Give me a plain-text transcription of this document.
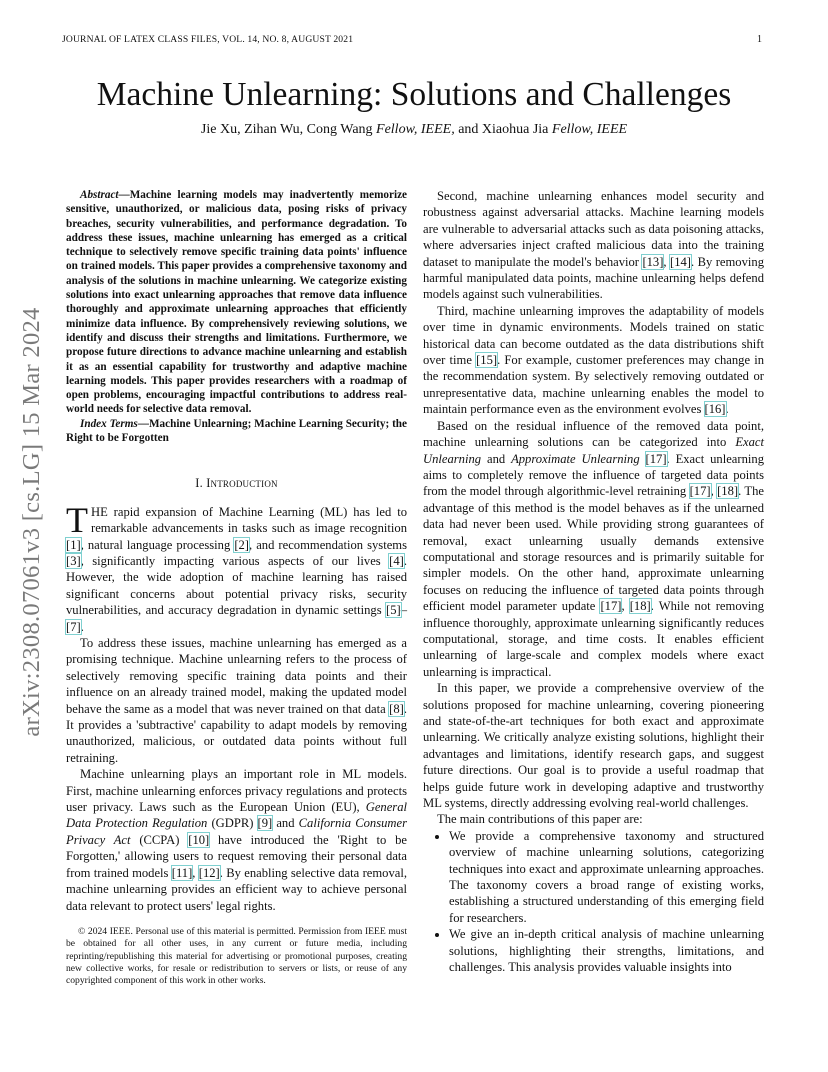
JOURNAL OF LATEX CLASS FILES, VOL. 14, NO. 8, AUGUST 2021	1
arXiv:2308.07061v3 [cs.LG] 15 Mar 2024
Machine Unlearning: Solutions and Challenges
Jie Xu, Zihan Wu, Cong Wang Fellow, IEEE, and Xiaohua Jia Fellow, IEEE

Abstract—Machine learning models may inadvertently memorize sensitive, unauthorized, or malicious data, posing risks of privacy breaches, security vulnerabilities, and performance degradation. To address these issues, machine unlearning has emerged as a critical technique to selectively remove specific training data points' influence on trained models. This paper provides a comprehensive taxonomy and analysis of the solutions in machine unlearning. We categorize existing solutions into exact unlearning approaches that remove data influence thoroughly and approximate unlearning approaches that efficiently minimize data influence. By comprehensively reviewing solutions, we identify and discuss their strengths and limitations. Furthermore, we propose future directions to advance machine unlearning and establish it as an essential capability for trustworthy and adaptive machine learning models. This paper provides researchers with a roadmap of open problems, encouraging impactful contributions to address real-world needs for selective data removal.

Index Terms—Machine Unlearning; Machine Learning Security; the Right to be Forgotten

I. Introduction

THE rapid expansion of Machine Learning (ML) has led to remarkable advancements in tasks such as image recognition [1], natural language processing [2], and recommendation systems [3], significantly impacting various aspects of our lives [4]. However, the wide adoption of machine learning has raised significant concerns about potential privacy risks, security vulnerabilities, and accuracy degradation in dynamic settings [5]–[7].

To address these issues, machine unlearning has emerged as a promising technique. Machine unlearning refers to the process of selectively removing specific training data points and their influence on an already trained model, making the updated model behave the same as a model that was never trained on that data [8]. It provides a 'subtractive' capability to adapt models by removing unauthorized, malicious, or outdated data points without full retraining.

Machine unlearning plays an important role in ML models. First, machine unlearning enforces privacy regulations and protects user privacy. Laws such as the European Union (EU), General Data Protection Regulation (GDPR) [9] and California Consumer Privacy Act (CCPA) [10] have introduced the 'Right to be Forgotten,' allowing users to request removing their personal data from trained models [11], [12]. By enabling selective data removal, machine unlearning provides an efficient way to achieve personal data relevant to protect users' legal rights.

© 2024 IEEE. Personal use of this material is permitted. Permission from IEEE must be obtained for all other uses, in any current or future media, including reprinting/republishing this material for advertising or promotional purposes, creating new collective works, for resale or redistribution to servers or lists, or reuse of any copyrighted component of this work in other works.

Second, machine unlearning enhances model security and robustness against adversarial attacks. Machine learning models are vulnerable to adversarial attacks such as data poisoning attacks, where adversaries inject crafted malicious data into the training dataset to manipulate the model's behavior [13], [14]. By removing harmful manipulated data points, machine unlearning helps defend models against such vulnerabilities.

Third, machine unlearning improves the adaptability of models over time in dynamic environments. Models trained on static historical data can become outdated as the data distributions shift over time [15]. For example, customer preferences may change in the recommendation system. By selectively removing outdated or unrepresentative data, machine unlearning enables the model to maintain performance even as the environment evolves [16].

Based on the residual influence of the removed data point, machine unlearning solutions can be categorized into Exact Unlearning and Approximate Unlearning [17]. Exact unlearning aims to completely remove the influence of targeted data points from the model through algorithmic-level retraining [17], [18]. The advantage of this method is the model behaves as if the unlearned data had never been used. While providing strong guarantees of removal, exact unlearning usually demands extensive computational and storage resources and is primarily suitable for simpler models. On the other hand, approximate unlearning focuses on reducing the influence of targeted data points through efficient model parameter update [17], [18]. While not removing influence thoroughly, approximate unlearning significantly reduces computational, storage, and time costs. It enables efficient unlearning of large-scale and complex models where exact unlearning is impractical.

In this paper, we provide a comprehensive overview of the solutions proposed for machine unlearning, covering pioneering and state-of-the-art techniques for both exact and approximate unlearning. We critically analyze existing solutions, highlight their advantages and limitations, identify research gaps, and suggest future directions. Our goal is to provide a useful roadmap that helps guide future work in developing adaptive and trustworthy ML systems, directly addressing evolving real-world challenges.

The main contributions of this paper are:

• We provide a comprehensive taxonomy and structured overview of machine unlearning solutions, categorizing techniques into exact and approximate unlearning approaches. The taxonomy covers a broad range of existing works, establishing a structured understanding of this emerging field for researchers.
• We give an in-depth critical analysis of machine unlearning solutions, highlighting their strengths, limitations, and challenges. This analysis provides valuable insights into
